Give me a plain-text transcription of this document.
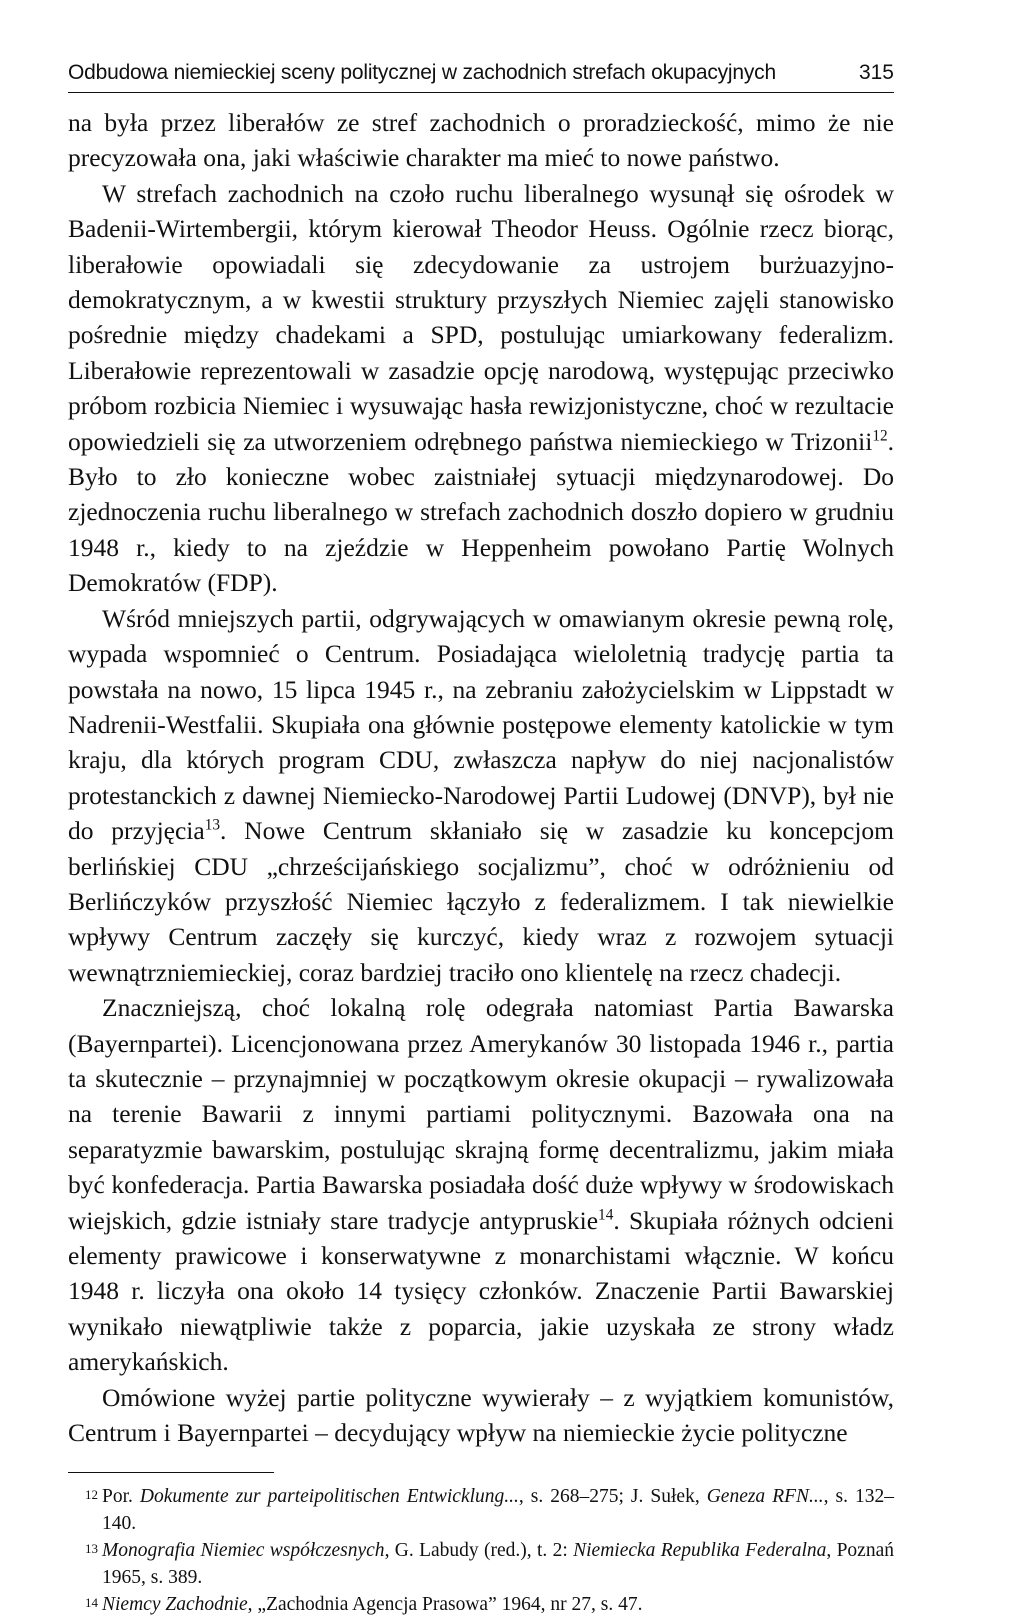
Odbudowa niemieckiej sceny politycznej w zachodnich strefach okupacyjnych	315

na była przez liberałów ze stref zachodnich o proradzieckość, mimo że nie precyzowała ona, jaki właściwie charakter ma mieć to nowe państwo.

W strefach zachodnich na czoło ruchu liberalnego wysunął się ośrodek w Badenii-Wirtembergii, którym kierował Theodor Heuss. Ogólnie rzecz biorąc, liberałowie opowiadali się zdecydowanie za ustrojem burżuazyjno-demokratycznym, a w kwestii struktury przyszłych Niemiec zajęli stanowisko pośrednie między chadekami a SPD, postulując umiarkowany federalizm. Liberałowie reprezentowali w zasadzie opcję narodową, występując przeciwko próbom rozbicia Niemiec i wysuwając hasła rewizjonistyczne, choć w rezultacie opowiedzieli się za utworzeniem odrębnego państwa niemieckiego w Trizonii$^{12}$. Było to zło konieczne wobec zaistniałej sytuacji międzynarodowej. Do zjednoczenia ruchu liberalnego w strefach zachodnich doszło dopiero w grudniu 1948 r., kiedy to na zjeździe w Heppenheim powołano Partię Wolnych Demokratów (FDP).

Wśród mniejszych partii, odgrywających w omawianym okresie pewną rolę, wypada wspomnieć o Centrum. Posiadająca wieloletnią tradycję partia ta powstała na nowo, 15 lipca 1945 r., na zebraniu założycielskim w Lippstadt w Nadrenii-Westfalii. Skupiała ona głównie postępowe elementy katolickie w tym kraju, dla których program CDU, zwłaszcza napływ do niej nacjonalistów protestanckich z dawnej Niemiecko-Narodowej Partii Ludowej (DNVP), był nie do przyjęcia$^{13}$. Nowe Centrum skłaniało się w zasadzie ku koncepcjom berlińskiej CDU „chrześcijańskiego socjalizmu”, choć w odróżnieniu od Berlińczyków przyszłość Niemiec łączyło z federalizmem. I tak niewielkie wpływy Centrum zaczęły się kurczyć, kiedy wraz z rozwojem sytuacji wewnątrzniemieckiej, coraz bardziej traciło ono klientelę na rzecz chadecji.

Znaczniejszą, choć lokalną rolę odegrała natomiast Partia Bawarska (Bayernpartei). Licencjonowana przez Amerykanów 30 listopada 1946 r., partia ta skutecznie – przynajmniej w początkowym okresie okupacji – rywalizowała na terenie Bawarii z innymi partiami politycznymi. Bazowała ona na separatyzmie bawarskim, postulując skrajną formę decentralizmu, jakim miała być konfederacja. Partia Bawarska posiadała dość duże wpływy w środowiskach wiejskich, gdzie istniały stare tradycje antypruskie$^{14}$. Skupiała różnych odcieni elementy prawicowe i konserwatywne z monarchistami włącznie. W końcu 1948 r. liczyła ona około 14 tysięcy członków. Znaczenie Partii Bawarskiej wynikało niewątpliwie także z poparcia, jakie uzyskała ze strony władz amerykańskich.

Omówione wyżej partie polityczne wywierały – z wyjątkiem komunistów, Centrum i Bayernpartei – decydujący wpływ na niemieckie życie polityczne

12 Por. Dokumente zur parteipolitischen Entwicklung..., s. 268–275; J. Sułek, Geneza RFN..., s. 132–140.
13 Monografia Niemiec współczesnych, G. Labudy (red.), t. 2: Niemiecka Republika Federalna, Poznań 1965, s. 389.
14 Niemcy Zachodnie, „Zachodnia Agencja Prasowa” 1964, nr 27, s. 47.
